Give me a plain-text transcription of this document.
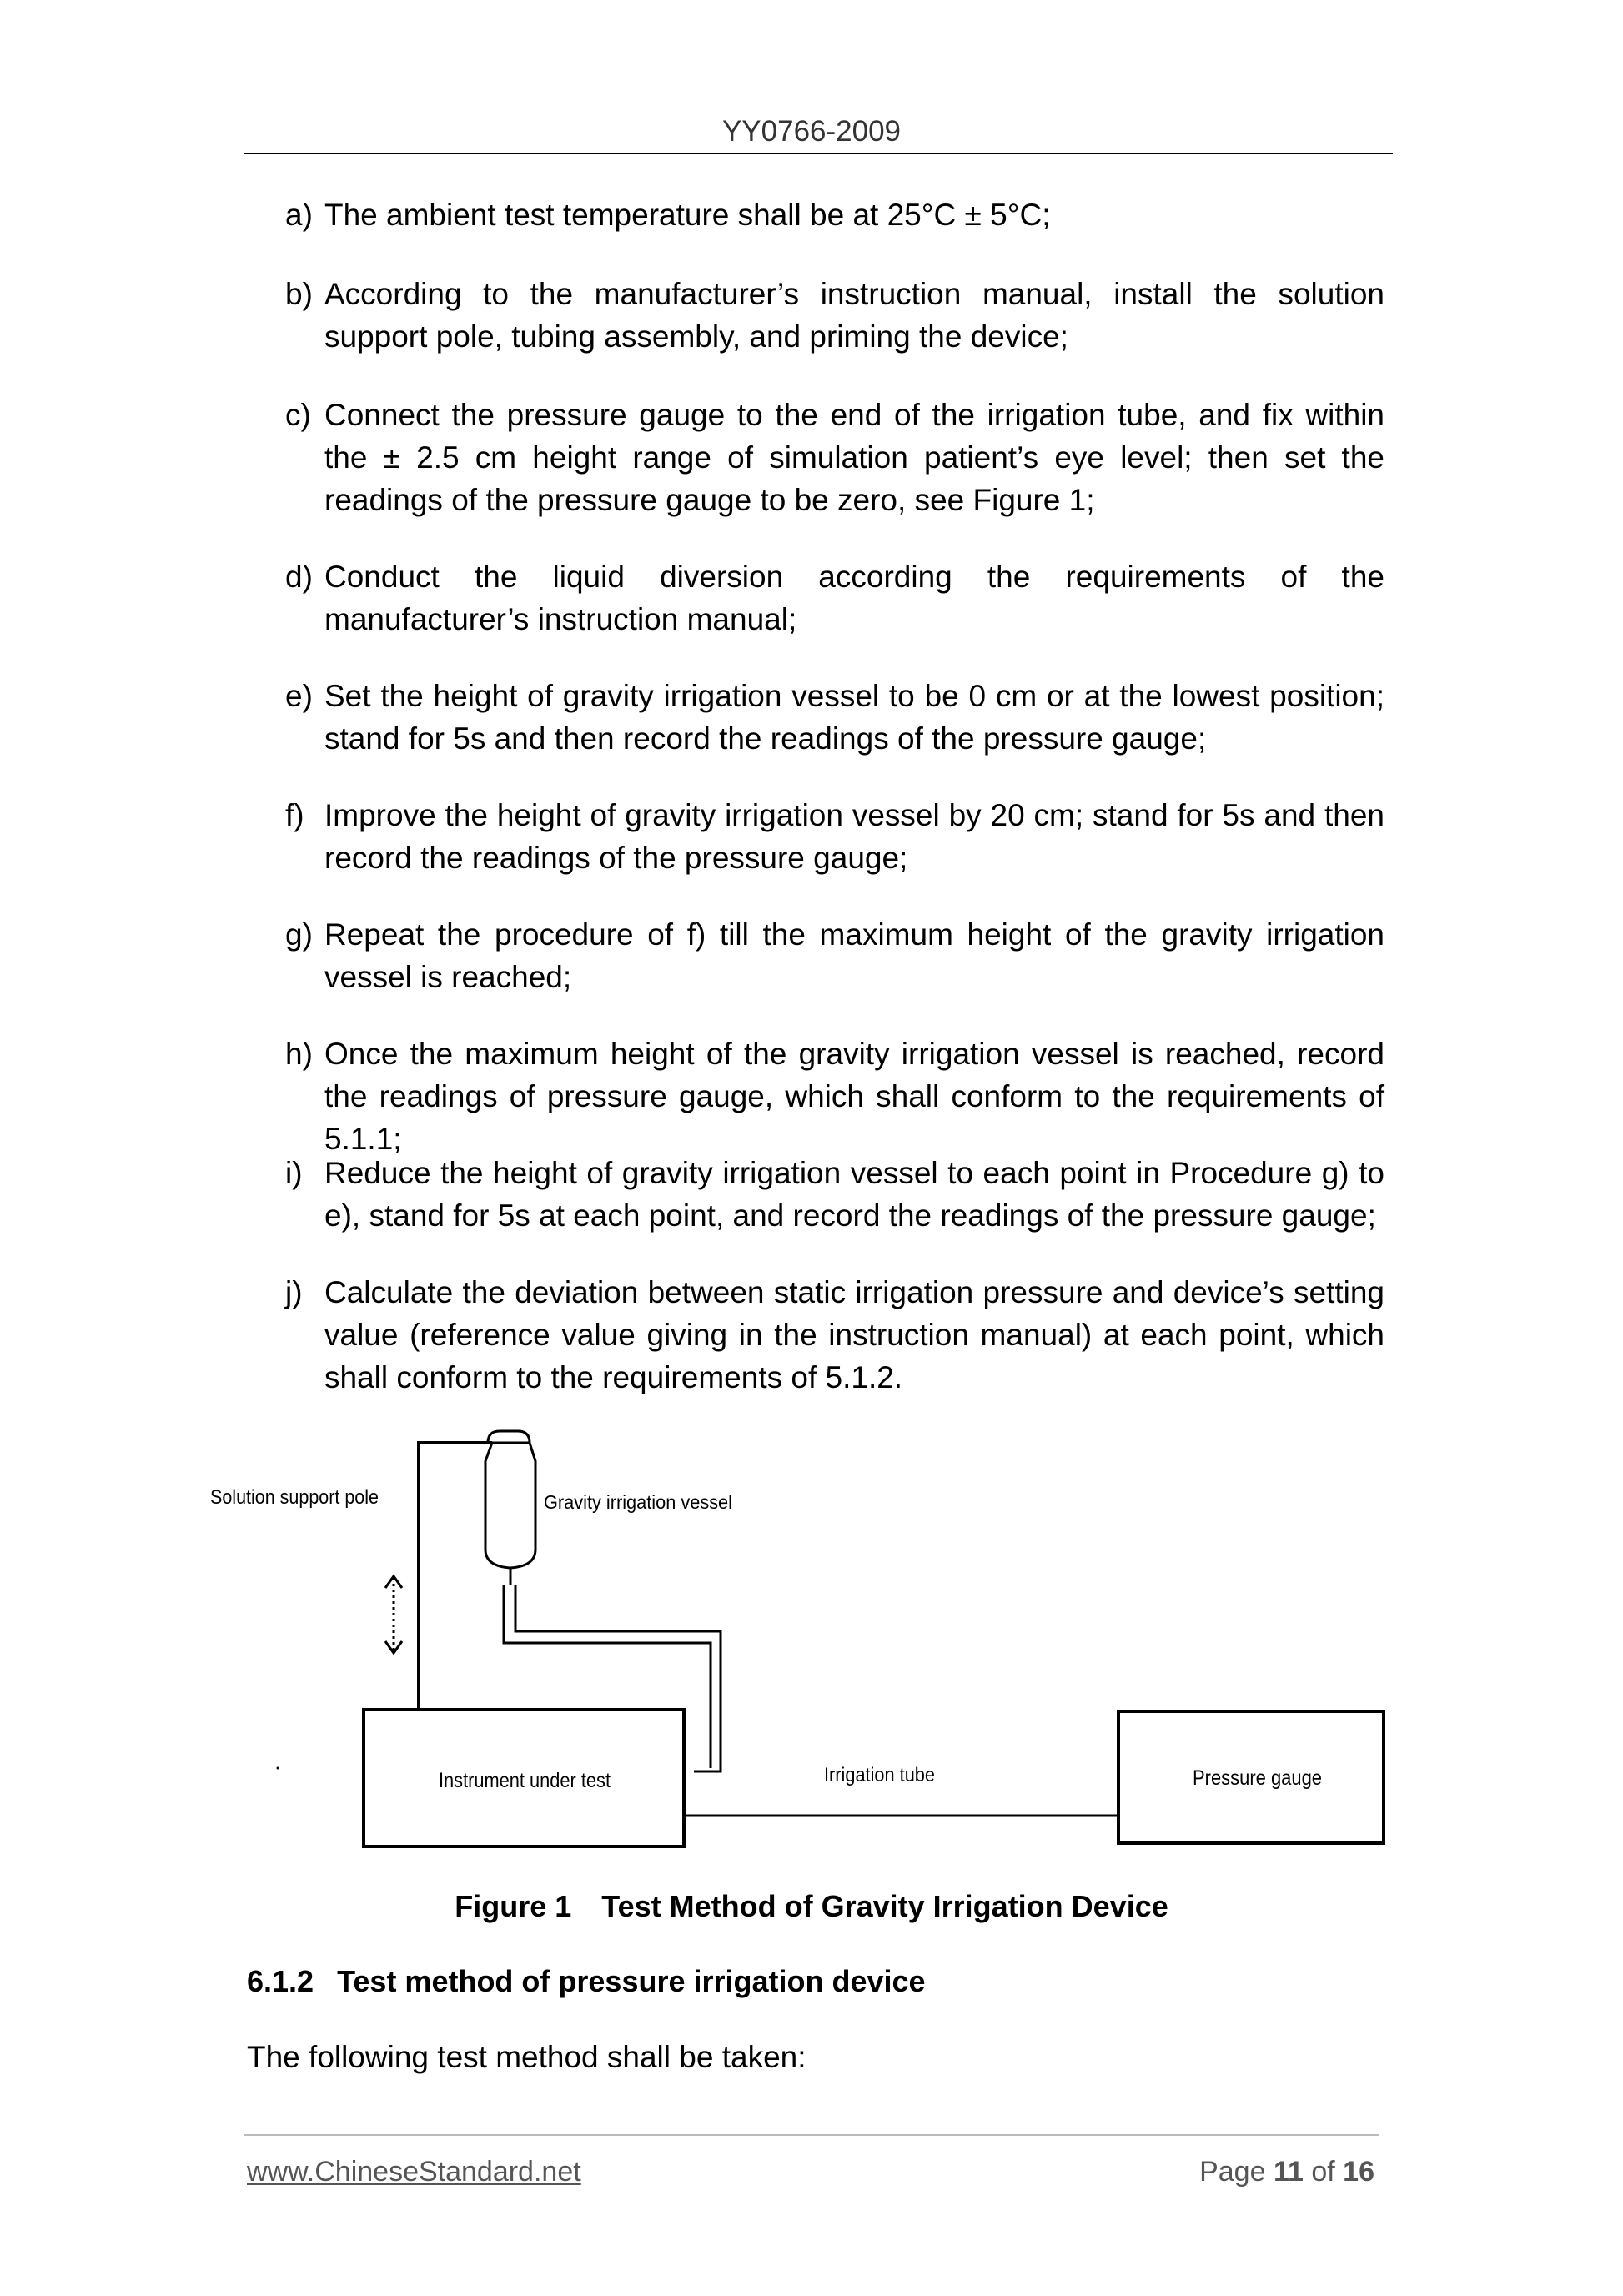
YY0766-2009
a) The ambient test temperature shall be at 25°C ± 5°C;
b) According to the manufacturer’s instruction manual, install the solution support pole, tubing assembly, and priming the device;
c) Connect the pressure gauge to the end of the irrigation tube, and fix within the ± 2.5 cm height range of simulation patient’s eye level; then set the readings of the pressure gauge to be zero, see Figure 1;
d) Conduct the liquid diversion according the requirements of the manufacturer’s instruction manual;
e) Set the height of gravity irrigation vessel to be 0 cm or at the lowest position; stand for 5s and then record the readings of the pressure gauge;
f) Improve the height of gravity irrigation vessel by 20 cm; stand for 5s and then record the readings of the pressure gauge;
g) Repeat the procedure of f) till the maximum height of the gravity irrigation vessel is reached;
h) Once the maximum height of the gravity irrigation vessel is reached, record the readings of pressure gauge, which shall conform to the requirements of 5.1.1;
i) Reduce the height of gravity irrigation vessel to each point in Procedure g) to e), stand for 5s at each point, and record the readings of the pressure gauge;
j) Calculate the deviation between static irrigation pressure and device’s setting value (reference value giving in the instruction manual) at each point, which shall conform to the requirements of 5.1.2.
Solution support pole	Gravity irrigation vessel
Instrument under test	Irrigation tube	Pressure gauge
Figure 1 Test Method of Gravity Irrigation Device
6.1.2 Test method of pressure irrigation device
The following test method shall be taken:
www.ChineseStandard.net	Page 11 of 16
